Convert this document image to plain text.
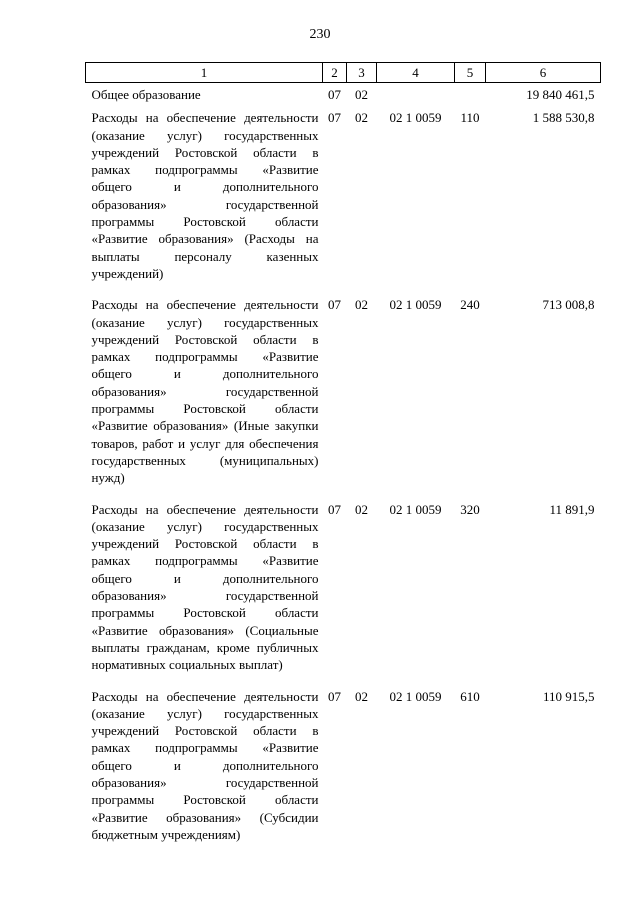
230
1	2	3	4	5	6
Общее образование	07	02			19 840 461,5
Расходы на обеспечение деятельности (оказание услуг) государственных учреждений Ростовской области в рамках подпрограммы «Развитие общего и дополнительного образования» государственной программы Ростовской области «Развитие образования» (Расходы на выплаты персоналу казенных учреждений)	07	02	02 1 0059	110	1 588 530,8
Расходы на обеспечение деятельности (оказание услуг) государственных учреждений Ростовской области в рамках подпрограммы «Развитие общего и дополнительного образования» государственной программы Ростовской области «Развитие образования» (Иные закупки товаров, работ и услуг для обеспечения государственных (муниципальных) нужд)	07	02	02 1 0059	240	713 008,8
Расходы на обеспечение деятельности (оказание услуг) государственных учреждений Ростовской области в рамках подпрограммы «Развитие общего и дополнительного образования» государственной программы Ростовской области «Развитие образования» (Социальные выплаты гражданам, кроме публичных нормативных социальных выплат)	07	02	02 1 0059	320	11 891,9
Расходы на обеспечение деятельности (оказание услуг) государственных учреждений Ростовской области в рамках подпрограммы «Развитие общего и дополнительного образования» государственной программы Ростовской области «Развитие образования» (Субсидии бюджетным учреждениям)	07	02	02 1 0059	610	110 915,5
